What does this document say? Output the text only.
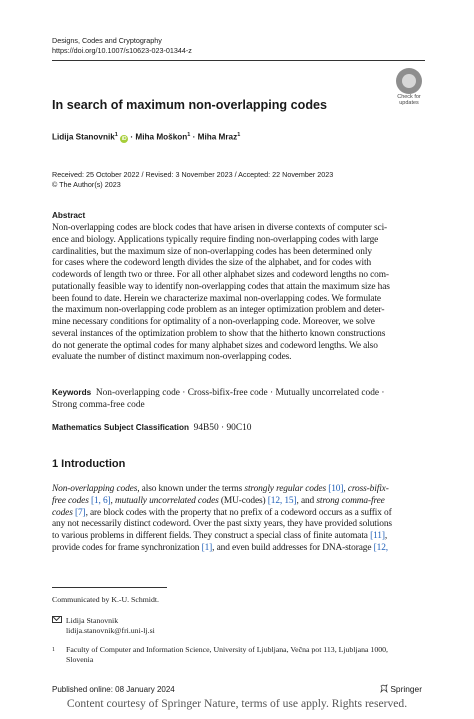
Designs, Codes and Cryptography
https://doi.org/10.1007/s10623-023-01344-z
Check for
updates
In search of maximum non-overlapping codes
Lidija Stanovnik$^1$ iD · Miha Moškon$^1$ · Miha Mraz$^1$
Received: 25 October 2022 / Revised: 3 November 2023 / Accepted: 22 November 2023
© The Author(s) 2023
Abstract
Non-overlapping codes are block codes that have arisen in diverse contexts of computer sci-
ence and biology. Applications typically require finding non-overlapping codes with large
cardinalities, but the maximum size of non-overlapping codes has been determined only
for cases where the codeword length divides the size of the alphabet, and for codes with
codewords of length two or three. For all other alphabet sizes and codeword lengths no com-
putationally feasible way to identify non-overlapping codes that attain the maximum size has
been found to date. Herein we characterize maximal non-overlapping codes. We formulate
the maximum non-overlapping code problem as an integer optimization problem and deter-
mine necessary conditions for optimality of a non-overlapping code. Moreover, we solve
several instances of the optimization problem to show that the hitherto known constructions
do not generate the optimal codes for many alphabet sizes and codeword lengths. We also
evaluate the number of distinct maximum non-overlapping codes.
Keywords Non-overlapping code · Cross-bifix-free code · Mutually uncorrelated code ·
Strong comma-free code
Mathematics Subject Classification 94B50 · 90C10
1 Introduction
Non-overlapping codes, also known under the terms strongly regular codes [10], cross-bifix-
free codes [1, 6], mutually uncorrelated codes (MU-codes) [12, 15], and strong comma-free
codes [7], are block codes with the property that no prefix of a codeword occurs as a suffix of
any not necessarily distinct codeword. Over the past sixty years, they have provided solutions
to various problems in different fields. They construct a special class of finite automata [11],
provide codes for frame synchronization [1], and even build addresses for DNA-storage [12,
Communicated by K.-U. Schmidt.
Lidija Stanovnik
lidija.stanovnik@fri.uni-lj.si
1 Faculty of Computer and Information Science, University of Ljubljana, Večna pot 113, Ljubljana 1000,
Slovenia
Published online: 08 January 2024	Springer
Content courtesy of Springer Nature, terms of use apply. Rights reserved.
